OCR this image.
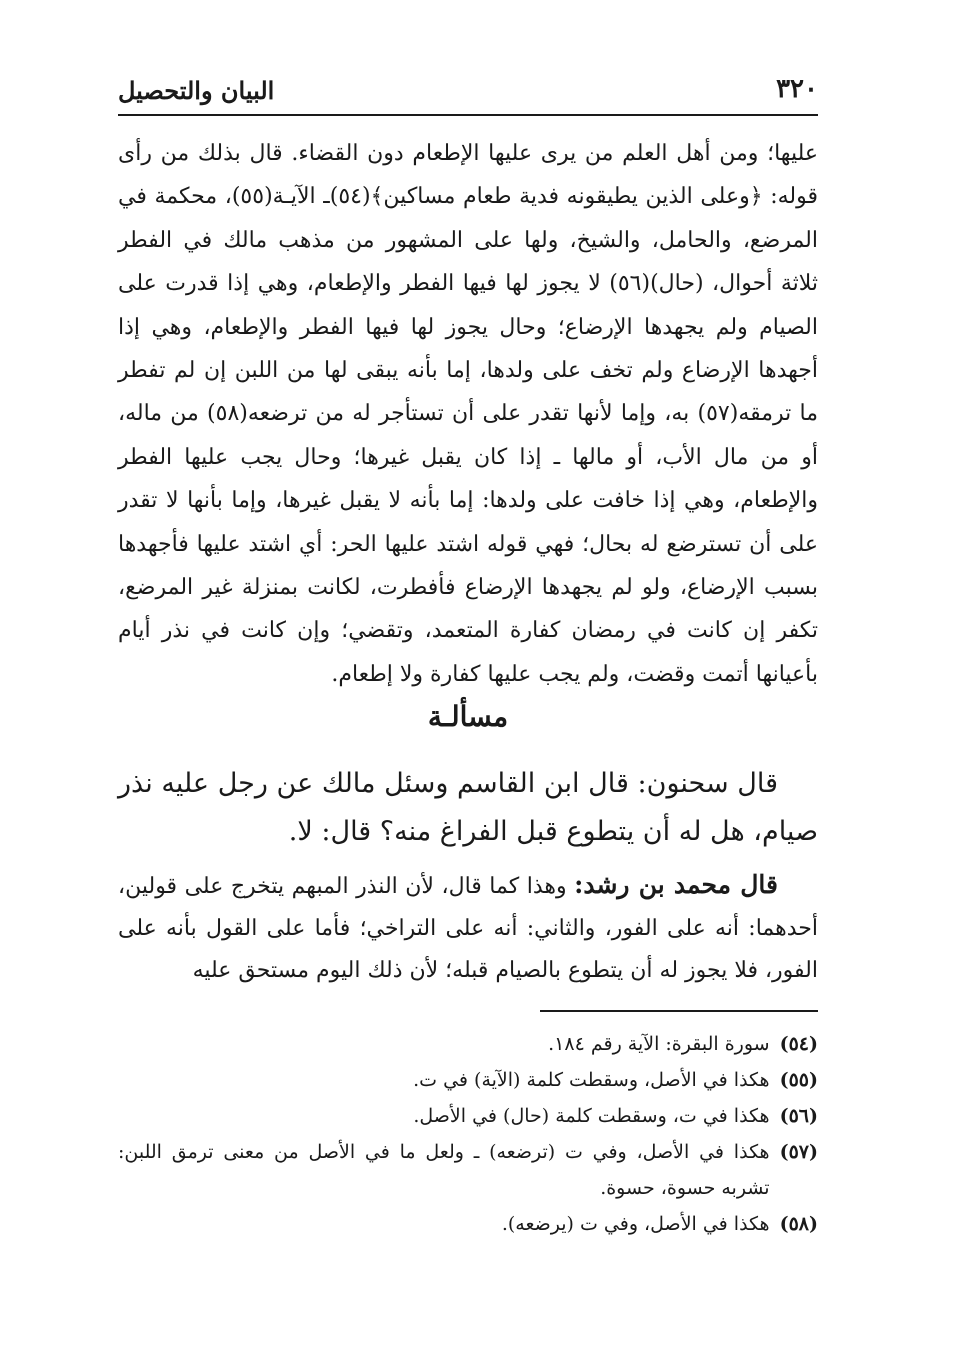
٣٢٠
البيان والتحصيل

عليها؛ ومن أهل العلم من يرى عليها الإطعام دون القضاء. قال بذلك من رأى قوله: ﴿وعلى الذين يطيقونه فدية طعام مساكين﴾(٥٤)ـ الآيـة(٥٥)، محكمة في المرضع، والحامل، والشيخ، ولها على المشهور من مذهب مالك في الفطر ثلاثة أحوال، (حال)(٥٦) لا يجوز لها فيها الفطر والإطعام، وهي إذا قدرت على الصيام ولم يجهدها الإرضاع؛ وحال يجوز لها فيها الفطر والإطعام، وهي إذا أجهدها الإرضاع ولم تخف على ولدها، إما بأنه يبقى لها من اللبن إن لم تفطر ما ترمقه(٥٧) به، وإما لأنها تقدر على أن تستأجر له من ترضعه(٥٨) من ماله، أو من مال الأب، أو مالها ـ إذا كان يقبل غيرها؛ وحال يجب عليها الفطر والإطعام، وهي إذا خافت على ولدها: إما بأنه لا يقبل غيرها، وإما بأنها لا تقدر على أن تسترضع له بحال؛ فهي قوله اشتد عليها الحر: أي اشتد عليها فأجهدها بسبب الإرضاع، ولو لم يجهدها الإرضاع فأفطرت، لكانت بمنزلة غير المرضع، تكفر إن كانت في رمضان كفارة المتعمد، وتقضي؛ وإن كانت في نذر أيام بأعيانها أتمت وقضت، ولم يجب عليها كفارة ولا إطعام.

مسألـة

قال سحنون: قال ابن القاسم وسئل مالك عن رجل عليه نذر صيام، هل له أن يتطوع قبل الفراغ منه؟ قال: لا.

قال محمد بن رشد: وهذا كما قال، لأن النذر المبهم يتخرج على قولين، أحدهما: أنه على الفور، والثاني: أنه على التراخي؛ فأما على القول بأنه على الفور، فلا يجوز له أن يتطوع بالصيام قبله؛ لأن ذلك اليوم مستحق عليه

(٥٤)
سورة البقرة: الآية رقم ١٨٤.
(٥٥)
هكذا في الأصل، وسقطت كلمة (الآية) في ت.
(٥٦)
هكذا في ت، وسقطت كلمة (حال) في الأصل.
(٥٧)
هكذا في الأصل، وفي ت (ترضعه) ـ ولعل ما في الأصل من معنى ترمق اللبن: تشربه حسوة، حسوة.
(٥٨)
هكذا في الأصل، وفي ت (يرضعه).
